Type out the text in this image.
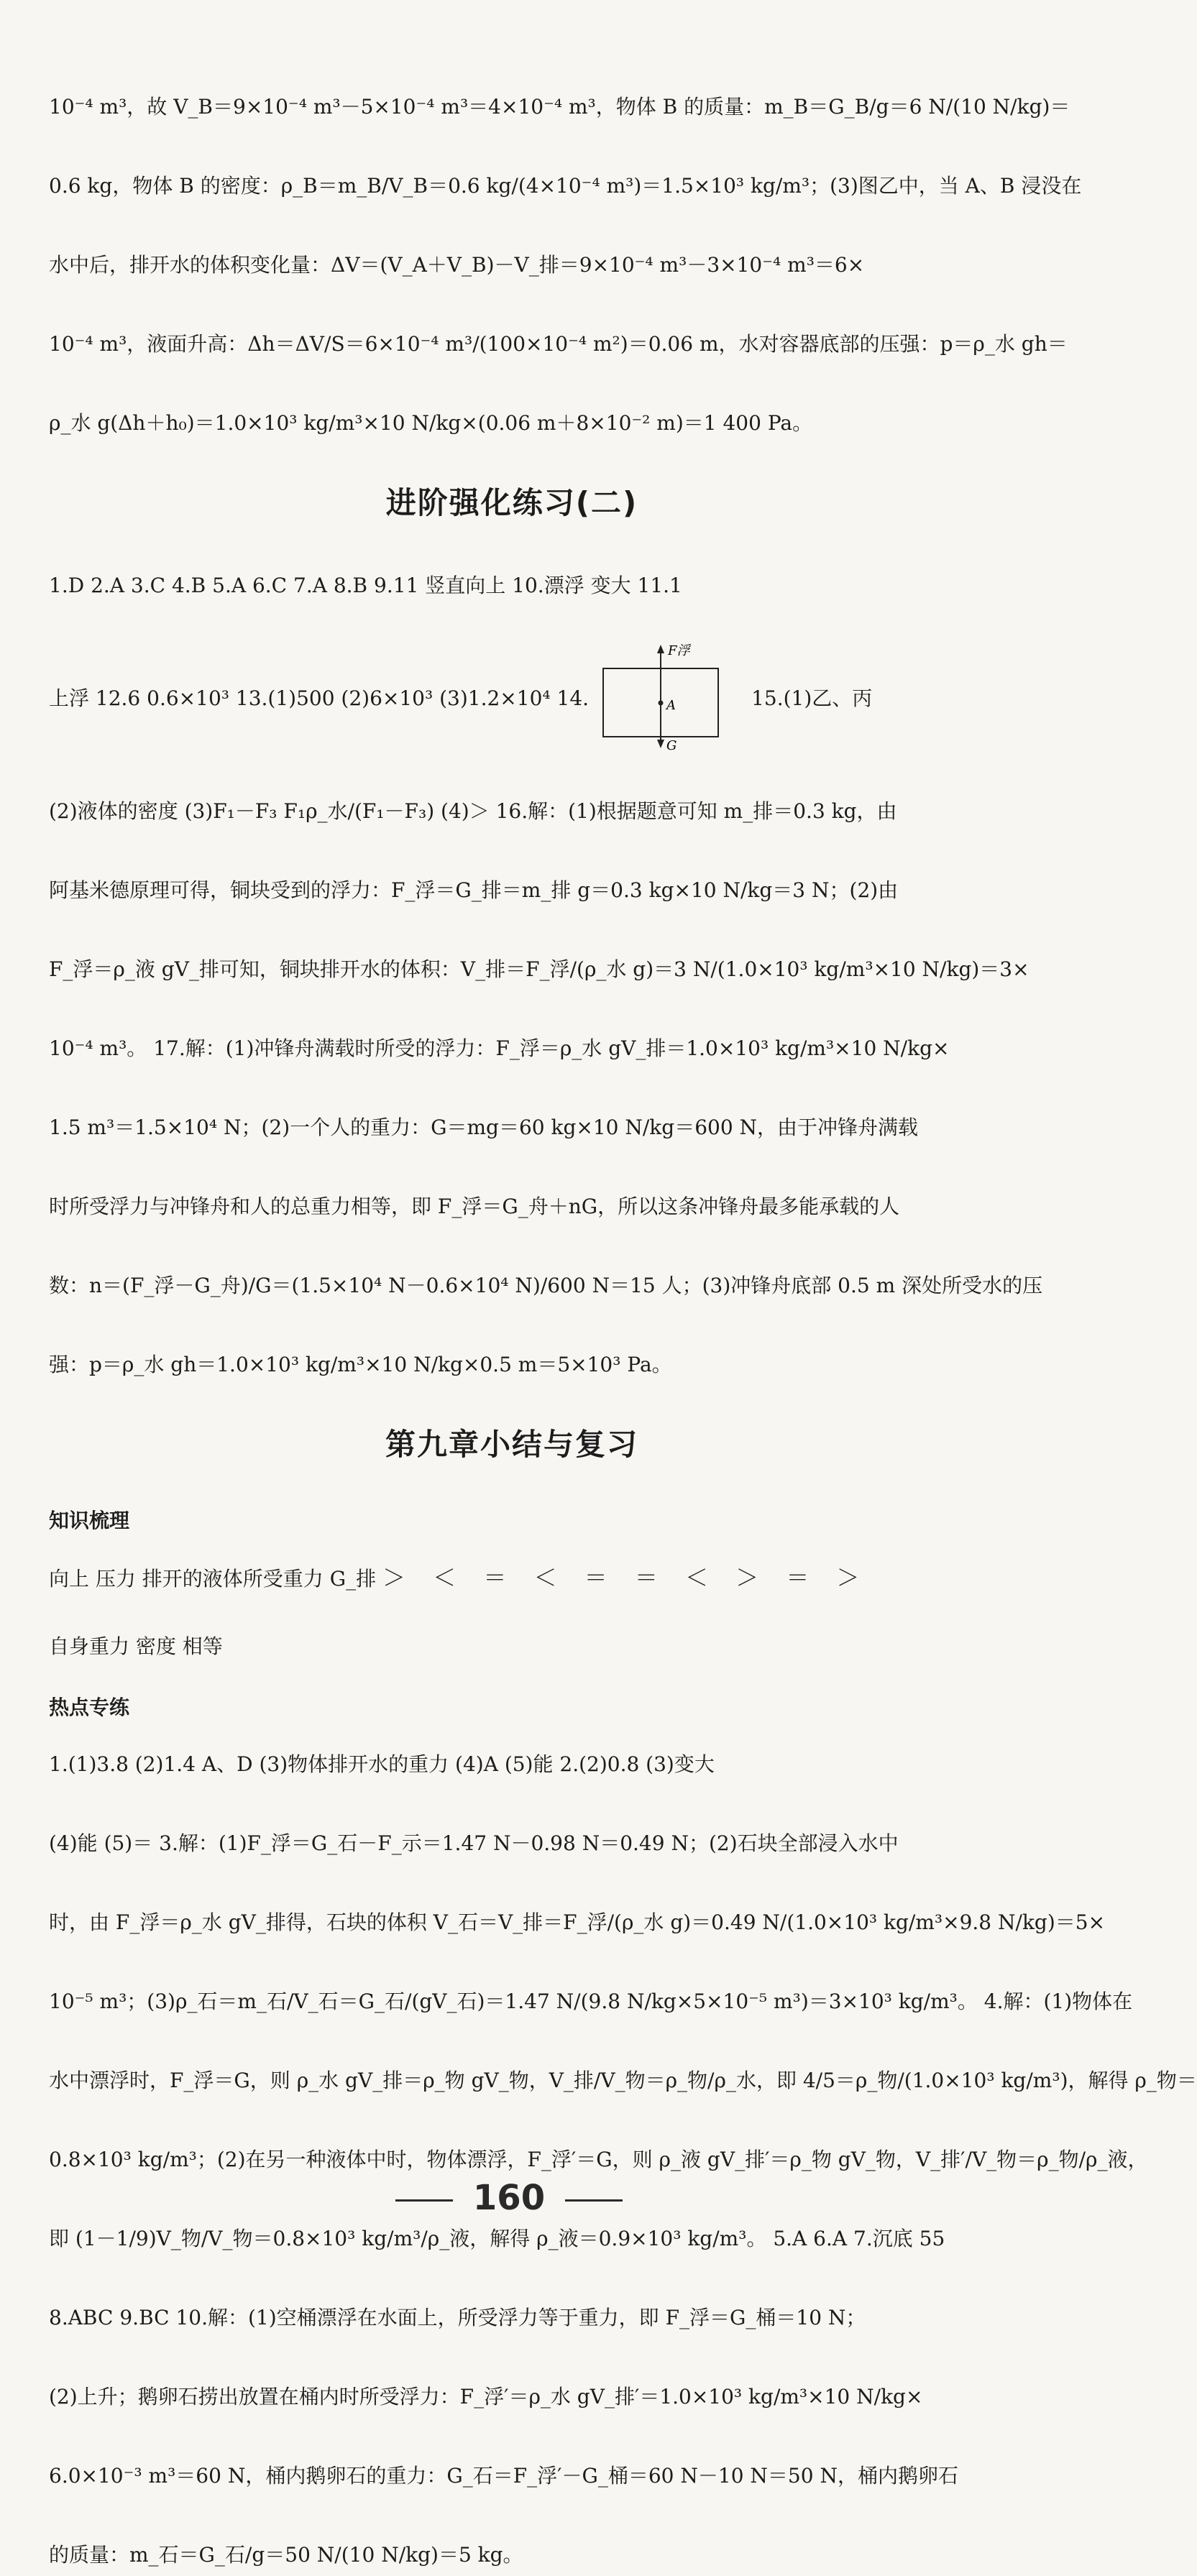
10⁻⁴ m³，故 V_B＝9×10⁻⁴ m³－5×10⁻⁴ m³＝4×10⁻⁴ m³，物体 B 的质量：m_B＝G_B/g＝6 N/(10 N/kg)＝
0.6 kg，物体 B 的密度：ρ_B＝m_B/V_B＝0.6 kg/(4×10⁻⁴ m³)＝1.5×10³ kg/m³；(3)图乙中，当 A、B 浸没在
水中后，排开水的体积变化量：ΔV＝(V_A＋V_B)－V_排＝9×10⁻⁴ m³－3×10⁻⁴ m³＝6×
10⁻⁴ m³，液面升高：Δh＝ΔV/S＝6×10⁻⁴ m³/(100×10⁻⁴ m²)＝0.06 m，水对容器底部的压强：p＝ρ_水 gh＝
ρ_水 g(Δh＋h₀)＝1.0×10³ kg/m³×10 N/kg×(0.06 m＋8×10⁻² m)＝1 400 Pa。
进阶强化练习(二)
1.D 2.A 3.C 4.B 5.A 6.C 7.A 8.B 9.11 竖直向上 10.漂浮 变大 11.1
上浮 12.6 0.6×10³ 13.(1)500 (2)6×10³ (3)1.2×10⁴ 14.
F浮
A
G
15.(1)乙、丙
(2)液体的密度 (3)F₁－F₃ F₁ρ_水/(F₁－F₃) (4)＞ 16.解：(1)根据题意可知 m_排＝0.3 kg，由
阿基米德原理可得，铜块受到的浮力：F_浮＝G_排＝m_排 g＝0.3 kg×10 N/kg＝3 N；(2)由
F_浮＝ρ_液 gV_排可知，铜块排开水的体积：V_排＝F_浮/(ρ_水 g)＝3 N/(1.0×10³ kg/m³×10 N/kg)＝3×
10⁻⁴ m³。 17.解：(1)冲锋舟满载时所受的浮力：F_浮＝ρ_水 gV_排＝1.0×10³ kg/m³×10 N/kg×
1.5 m³＝1.5×10⁴ N；(2)一个人的重力：G＝mg＝60 kg×10 N/kg＝600 N，由于冲锋舟满载
时所受浮力与冲锋舟和人的总重力相等，即 F_浮＝G_舟＋nG，所以这条冲锋舟最多能承载的人
数：n＝(F_浮－G_舟)/G＝(1.5×10⁴ N－0.6×10⁴ N)/600 N＝15 人；(3)冲锋舟底部 0.5 m 深处所受水的压
强：p＝ρ_水 gh＝1.0×10³ kg/m³×10 N/kg×0.5 m＝5×10³ Pa。
第九章小结与复习
知识梳理
向上 压力 排开的液体所受重力 G_排 ＞ ＜ ＝ ＜ ＝ ＝ ＜ ＞ ＝ ＞
自身重力 密度 相等
热点专练
1.(1)3.8 (2)1.4 A、D (3)物体排开水的重力 (4)A (5)能 2.(2)0.8 (3)变大
(4)能 (5)＝ 3.解：(1)F_浮＝G_石－F_示＝1.47 N－0.98 N＝0.49 N；(2)石块全部浸入水中
时，由 F_浮＝ρ_水 gV_排得，石块的体积 V_石＝V_排＝F_浮/(ρ_水 g)＝0.49 N/(1.0×10³ kg/m³×9.8 N/kg)＝5×
10⁻⁵ m³；(3)ρ_石＝m_石/V_石＝G_石/(gV_石)＝1.47 N/(9.8 N/kg×5×10⁻⁵ m³)＝3×10³ kg/m³。 4.解：(1)物体在
水中漂浮时，F_浮＝G，则 ρ_水 gV_排＝ρ_物 gV_物，V_排/V_物＝ρ_物/ρ_水，即 4/5＝ρ_物/(1.0×10³ kg/m³)，解得 ρ_物＝
0.8×10³ kg/m³；(2)在另一种液体中时，物体漂浮，F_浮′＝G，则 ρ_液 gV_排′＝ρ_物 gV_物，V_排′/V_物＝ρ_物/ρ_液，
即 (1－1/9)V_物/V_物＝0.8×10³ kg/m³/ρ_液，解得 ρ_液＝0.9×10³ kg/m³。 5.A 6.A 7.沉底 55
8.ABC 9.BC 10.解：(1)空桶漂浮在水面上，所受浮力等于重力，即 F_浮＝G_桶＝10 N；
(2)上升；鹅卵石捞出放置在桶内时所受浮力：F_浮′＝ρ_水 gV_排′＝1.0×10³ kg/m³×10 N/kg×
6.0×10⁻³ m³＝60 N，桶内鹅卵石的重力：G_石＝F_浮′－G_桶＝60 N－10 N＝50 N，桶内鹅卵石
的质量：m_石＝G_石/g＝50 N/(10 N/kg)＝5 kg。
160
